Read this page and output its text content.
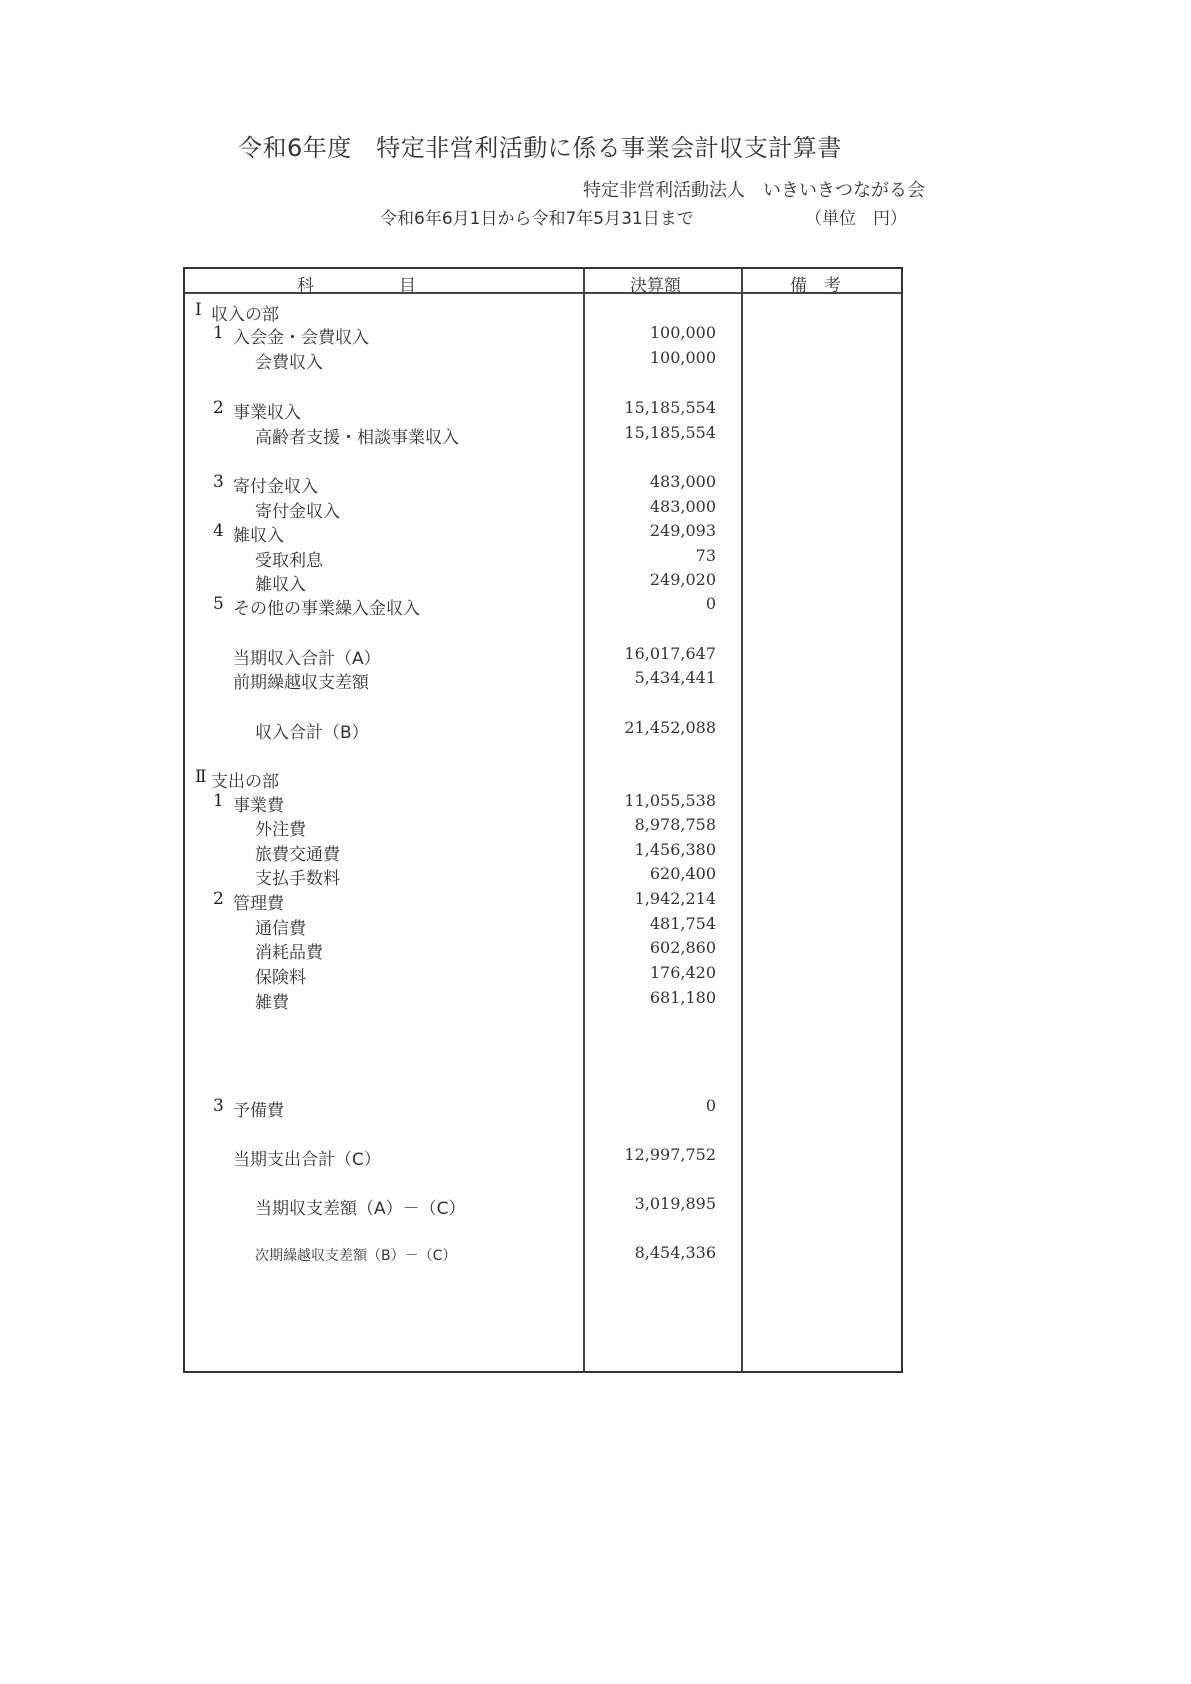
令和6年度　特定非営利活動に係る事業会計収支計算書
特定非営利活動法人　いきいきつながる会
令和6年6月1日から令和7年5月31日まで	（単位　円）
科　　　　　目	決算額	備　考
Ⅰ 収入の部
1 入会金・会費収入	100,000
会費収入	100,000
2 事業収入	15,185,554
高齢者支援・相談事業収入	15,185,554
3 寄付金収入	483,000
寄付金収入	483,000
4 雑収入	249,093
受取利息	73
雑収入	249,020
5 その他の事業繰入金収入	0
当期収入合計（A）	16,017,647
前期繰越収支差額	5,434,441
収入合計（B）	21,452,088
Ⅱ 支出の部
1 事業費	11,055,538
外注費	8,978,758
旅費交通費	1,456,380
支払手数料	620,400
2 管理費	1,942,214
通信費	481,754
消耗品費	602,860
保険料	176,420
雑費	681,180
3 予備費	0
当期支出合計（C）	12,997,752
当期収支差額（A）－（C）	3,019,895
次期繰越収支差額（B）－（C）	8,454,336
